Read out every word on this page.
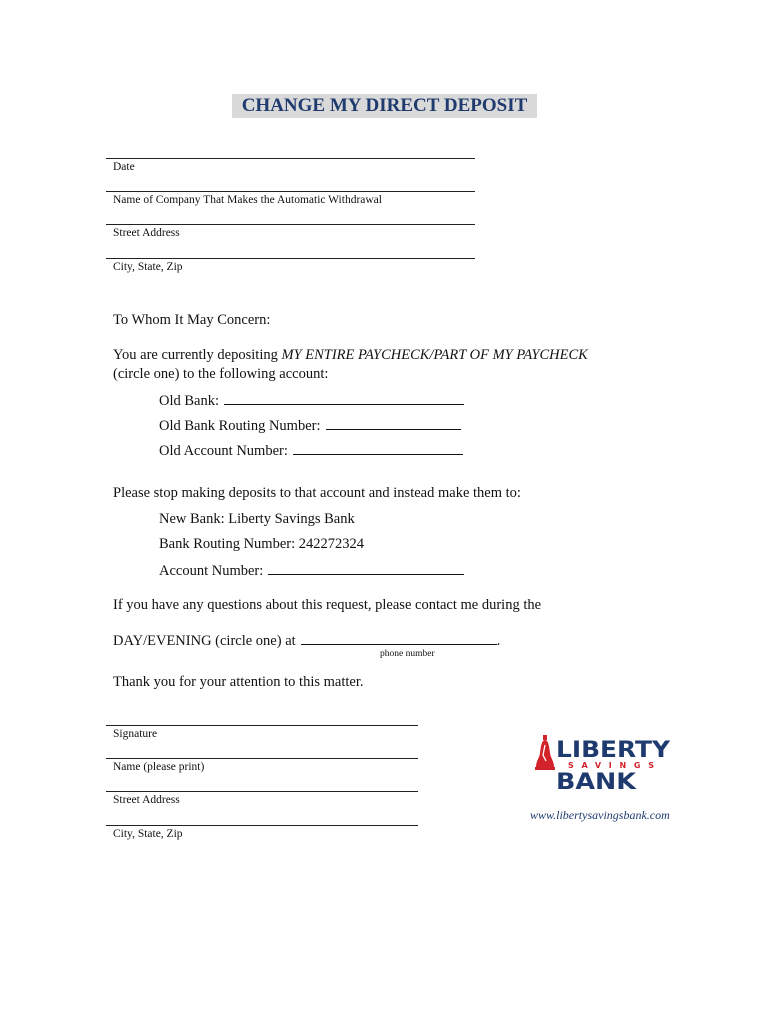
CHANGE MY DIRECT DEPOSIT
Date
Name of Company That Makes the Automatic Withdrawal
Street Address
City, State, Zip
To Whom It May Concern:
You are currently depositing MY ENTIRE PAYCHECK/PART OF MY PAYCHECK
(circle one) to the following account:
Old Bank:
Old Bank Routing Number:
Old Account Number:
Please stop making deposits to that account and instead make them to:
New Bank: Liberty Savings Bank
Bank Routing Number: 242272324
Account Number:
If you have any questions about this request, please contact me during the
DAY/EVENING (circle one) at	.
phone number
Thank you for your attention to this matter.
Signature
Name (please print)
Street Address
City, State, Zip
LIBERTY
SAVINGS
BANK
www.libertysavingsbank.com
